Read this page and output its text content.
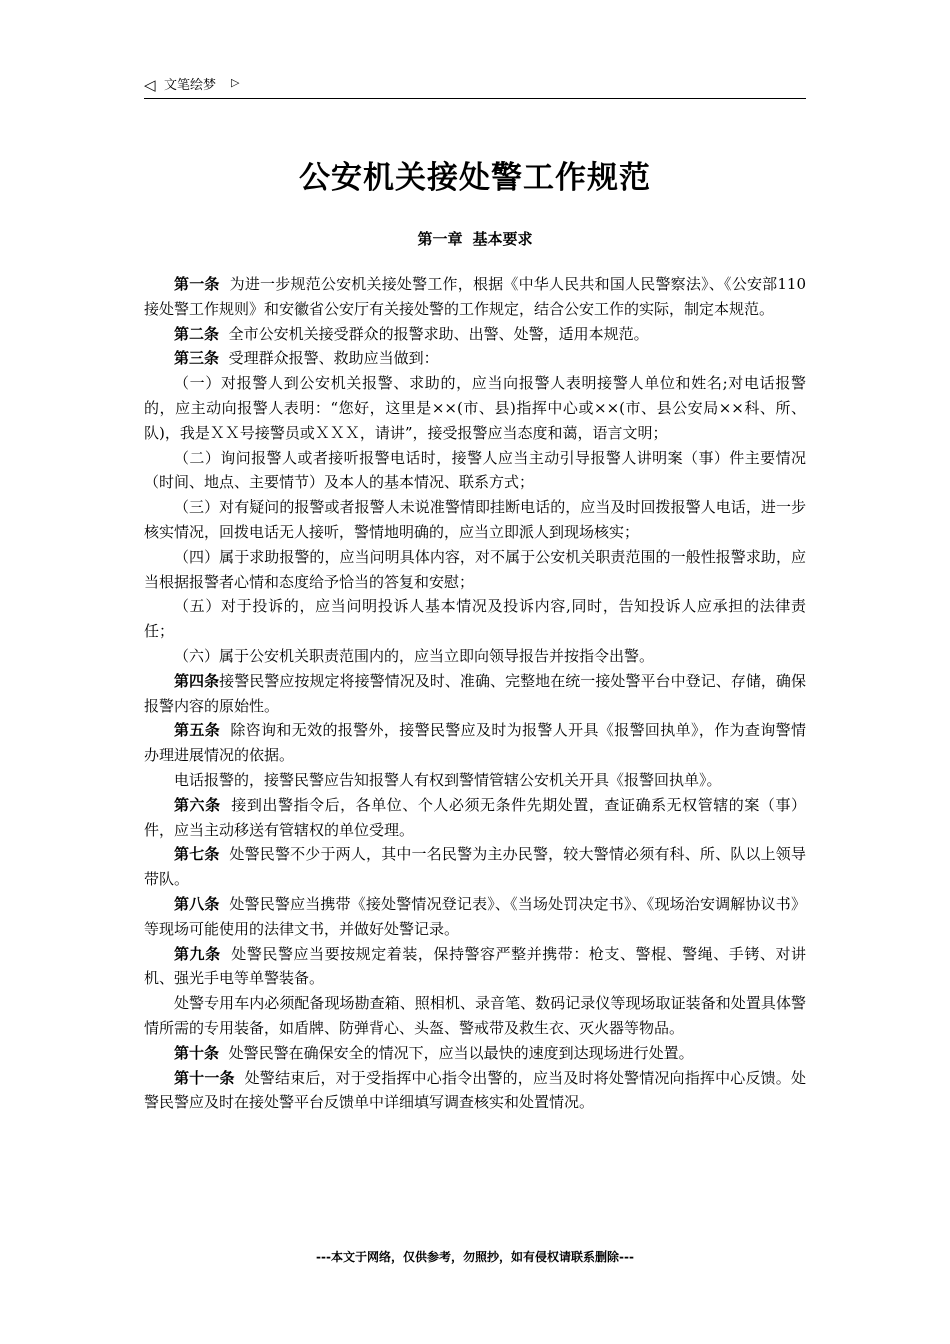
◁ 文笔绘梦 ▷
公安机关接处警工作规范
第一章 基本要求

第一条 为进一步规范公安机关接处警工作，根据《中华人民共和国人民警察法》、《公安部110接处警工作规则》和安徽省公安厅有关接处警的工作规定，结合公安工作的实际，制定本规范。

第二条 全市公安机关接受群众的报警求助、出警、处警，适用本规范。

第三条 受理群众报警、救助应当做到：

（一）对报警人到公安机关报警、求助的，应当向报警人表明接警人单位和姓名;对电话报警的，应主动向报警人表明：“您好，这里是××(市、县)指挥中心或××(市、县公安局××科、所、队)，我是ＸＸ号接警员或ＸＸＸ，请讲”，接受报警应当态度和蔼，语言文明；

（二）询问报警人或者接听报警电话时，接警人应当主动引导报警人讲明案（事）件主要情况（时间、地点、主要情节）及本人的基本情况、联系方式；

（三）对有疑问的报警或者报警人未说准警情即挂断电话的，应当及时回拨报警人电话，进一步核实情况，回拨电话无人接听，警情地明确的，应当立即派人到现场核实；

（四）属于求助报警的，应当问明具体内容，对不属于公安机关职责范围的一般性报警求助，应当根据报警者心情和态度给予恰当的答复和安慰；

（五）对于投诉的，应当问明投诉人基本情况及投诉内容,同时，告知投诉人应承担的法律责任；

（六）属于公安机关职责范围内的，应当立即向领导报告并按指令出警。

第四条接警民警应按规定将接警情况及时、准确、完整地在统一接处警平台中登记、存储，确保报警内容的原始性。

第五条 除咨询和无效的报警外，接警民警应及时为报警人开具《报警回执单》，作为查询警情办理进展情况的依据。

电话报警的，接警民警应告知报警人有权到警情管辖公安机关开具《报警回执单》。

第六条 接到出警指令后，各单位、个人必须无条件先期处置，查证确系无权管辖的案（事）件，应当主动移送有管辖权的单位受理。

第七条 处警民警不少于两人，其中一名民警为主办民警，较大警情必须有科、所、队以上领导带队。

第八条 处警民警应当携带《接处警情况登记表》、《当场处罚决定书》、《现场治安调解协议书》等现场可能使用的法律文书，并做好处警记录。

第九条 处警民警应当要按规定着装，保持警容严整并携带：枪支、警棍、警绳、手铐、对讲机、强光手电等单警装备。

处警专用车内必须配备现场勘查箱、照相机、录音笔、数码记录仪等现场取证装备和处置具体警情所需的专用装备，如盾牌、防弹背心、头盔、警戒带及救生衣、灭火器等物品。

第十条 处警民警在确保安全的情况下，应当以最快的速度到达现场进行处置。

第十一条 处警结束后，对于受指挥中心指令出警的，应当及时将处警情况向指挥中心反馈。处警民警应及时在接处警平台反馈单中详细填写调查核实和处置情况。

---本文于网络，仅供参考，勿照抄，如有侵权请联系删除---
